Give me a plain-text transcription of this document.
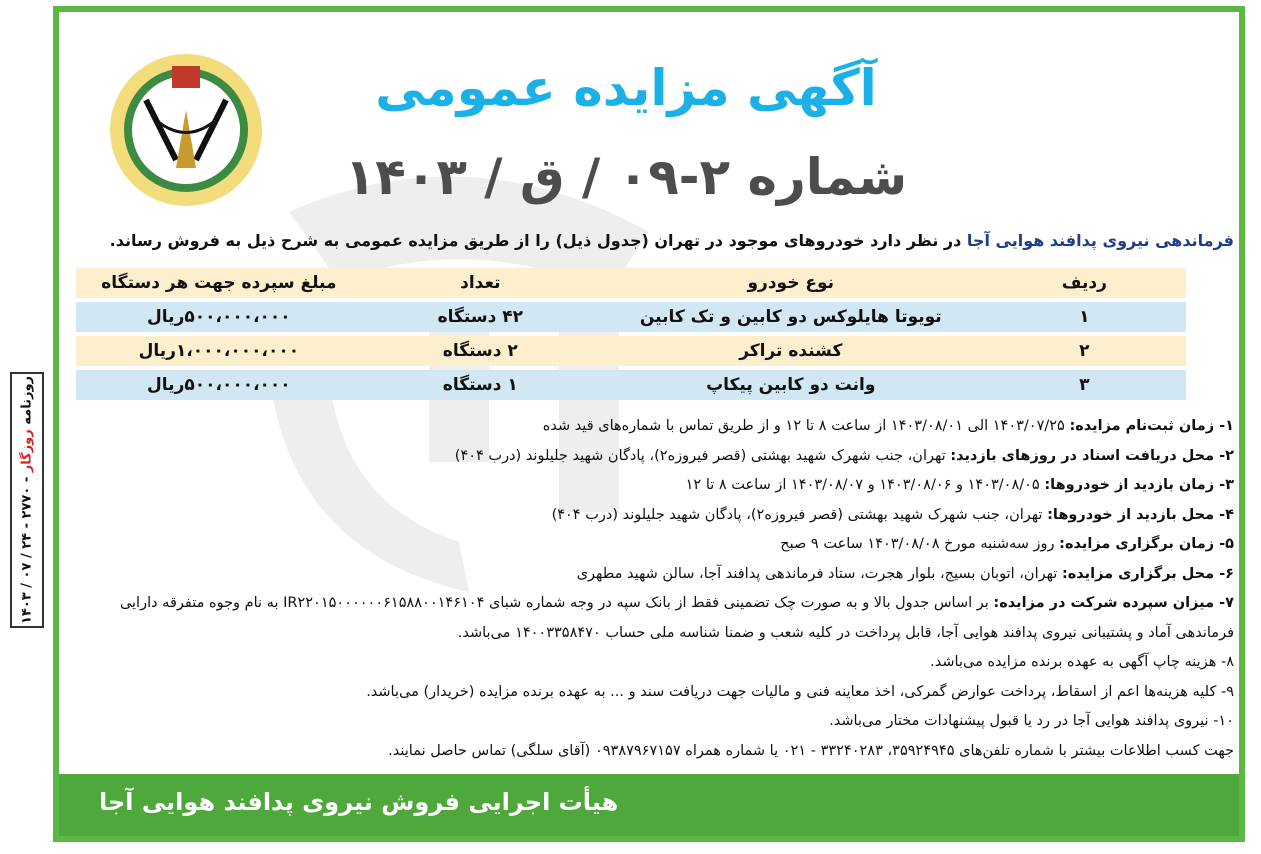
آگهی مزایده عمومی
شماره ۲-۰۹ / ق / ۱۴۰۳
فرماندهی نیروی پدافند هوایی آجا در نظر دارد خودروهای موجود در تهران (جدول ذیل) را از طریق مزایده عمومی به شرح ذیل به فروش رساند.
ردیف	نوع خودرو	تعداد	مبلغ سپرده جهت هر دستگاه
۱	تویوتا هایلوکس دو کابین و تک کابین	۴۲ دستگاه	۵۰۰،۰۰۰،۰۰۰ریال
۲	کشنده تراکر	۲ دستگاه	۱،۰۰۰،۰۰۰،۰۰۰ریال
۳	وانت دو کابین پیکاپ	۱ دستگاه	۵۰۰،۰۰۰،۰۰۰ریال
۱- زمان ثبت‌نام مزایده: ۱۴۰۳/۰۷/۲۵ الی ۱۴۰۳/۰۸/۰۱ از ساعت ۸ تا ۱۲ و از طریق تماس با شماره‌های قید شده
۲- محل دریافت اسناد در روزهای بازدید: تهران، جنب شهرک شهید بهشتی (قصر فیروزه۲)، پادگان شهید جلیلوند (درب ۴۰۴)
۳- زمان بازدید از خودروها: ۱۴۰۳/۰۸/۰۵ و ۱۴۰۳/۰۸/۰۶ و ۱۴۰۳/۰۸/۰۷ از ساعت ۸ تا ۱۲
۴- محل بازدید از خودروها: تهران، جنب شهرک شهید بهشتی (قصر فیروزه۲)، پادگان شهید جلیلوند (درب ۴۰۴)
۵- زمان برگزاری مزایده: روز سه‌شنبه مورخ ۱۴۰۳/۰۸/۰۸ ساعت ۹ صبح
۶- محل برگزاری مزایده: تهران، اتوبان بسیج، بلوار هجرت، ستاد فرماندهی پدافند آجا، سالن شهید مطهری
۷- میزان سپرده شرکت در مزایده: بر اساس جدول بالا و به صورت چک تضمینی فقط از بانک سپه در وجه شماره شبای IR۲۲۰۱۵۰۰۰۰۰۰۶۱۵۸۸۰۰۱۴۶۱۰۴ به نام وجوه متفرقه دارایی فرماندهی آماد و پشتیبانی نیروی پدافند هوایی آجا، قابل پرداخت در کلیه شعب و ضمنا شناسه ملی حساب ۱۴۰۰۳۳۵۸۴۷۰ می‌باشد.
۸- هزینه چاپ آگهی به عهده برنده مزایده می‌باشد.
۹- کلیه هزینه‌ها اعم از اسقاط، پرداخت عوارض گمرکی، اخذ معاینه فنی و مالیات جهت دریافت سند و ... به عهده برنده مزایده (خریدار) می‌باشد.
۱۰- نیروی پدافند هوایی آجا در رد یا قبول پیشنهادات مختار می‌باشد.
جهت کسب اطلاعات بیشتر با شماره تلفن‌های ۳۵۹۲۴۹۴۵، ۳۳۲۴۰۲۸۳ - ۰۲۱ یا شماره همراه ۰۹۳۸۷۹۶۷۱۵۷ (آقای سلگی) تماس حاصل نمایند.
هیأت اجرایی فروش نیروی پدافند هوایی آجا
روزنامه روزگار - ۲۷۷۰ - ۲۴ / ۰۷ / ۱۴۰۳
